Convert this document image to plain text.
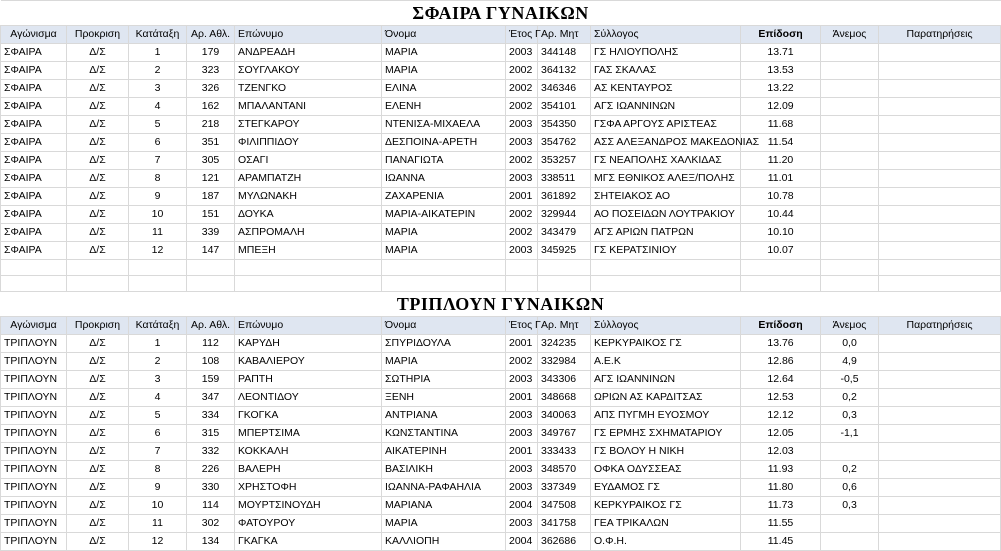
ΣΦΑΙΡΑ ΓΥΝΑΙΚΩΝ											
Αγώνισμα	Προκριση	Κατάταξη	Αρ. Αθλ.	Επώνυμο	Όνομα	Έτος Γ	Αρ. Μητ	Σύλλογος	Επίδοση	Άνεμος	Παρατηρήσεις
ΣΦΑΙΡΑ	Δ/Σ	1	179	ΑΝΔΡΕΑΔΗ	ΜΑΡΙΑ	2003	344148	ΓΣ ΗΛΙΟΥΠΟΛΗΣ	13.71		
ΣΦΑΙΡΑ	Δ/Σ	2	323	ΣΟΥΓΛΑΚΟΥ	ΜΑΡΙΑ	2002	364132	ΓΑΣ ΣΚΑΛΑΣ	13.53		
ΣΦΑΙΡΑ	Δ/Σ	3	326	ΤΖΕΝΓΚΟ	ΕΛΙΝΑ	2002	346346	ΑΣ ΚΕΝΤΑΥΡΟΣ	13.22		
ΣΦΑΙΡΑ	Δ/Σ	4	162	ΜΠΑΛΑΝΤΑΝΙ	ΕΛΕΝΗ	2002	354101	ΑΓΣ ΙΩΑΝΝΙΝΩΝ	12.09		
ΣΦΑΙΡΑ	Δ/Σ	5	218	ΣΤΕΓΚΑΡΟΥ	ΝΤΕΝΙΣΑ-ΜΙΧΑΕΛΑ	2003	354350	ΓΣΦΑ ΑΡΓΟΥΣ ΑΡΙΣΤΕΑΣ	11.68		
ΣΦΑΙΡΑ	Δ/Σ	6	351	ΦΙΛΙΠΠΙΔΟΥ	ΔΕΣΠΟΙΝΑ-ΑΡΕΤΗ	2003	354762	ΑΣΣ ΑΛΕΞΑΝΔΡΟΣ ΜΑΚΕΔΟΝΙΑΣ	11.54		
ΣΦΑΙΡΑ	Δ/Σ	7	305	ΟΣΑΓΙ	ΠΑΝΑΓΙΩΤΑ	2002	353257	ΓΣ ΝΕΑΠΟΛΗΣ ΧΑΛΚΙΔΑΣ	11.20		
ΣΦΑΙΡΑ	Δ/Σ	8	121	ΑΡΑΜΠΑΤΖΗ	ΙΩΑΝΝΑ	2003	338511	ΜΓΣ ΕΘΝΙΚΟΣ ΑΛΕΞ/ΠΟΛΗΣ	11.01		
ΣΦΑΙΡΑ	Δ/Σ	9	187	ΜΥΛΩΝΑΚΗ	ΖΑΧΑΡΕΝΙΑ	2001	361892	ΣΗΤΕΙΑΚΟΣ ΑΟ	10.78		
ΣΦΑΙΡΑ	Δ/Σ	10	151	ΔΟΥΚΑ	ΜΑΡΙΑ-ΑΙΚΑΤΕΡΙΝ	2002	329944	ΑΟ ΠΟΣΕΙΔΩΝ ΛΟΥΤΡΑΚΙΟΥ	10.44		
ΣΦΑΙΡΑ	Δ/Σ	11	339	ΑΣΠΡΟΜΑΛΗ	ΜΑΡΙΑ	2002	343479	ΑΓΣ ΑΡΙΩΝ ΠΑΤΡΩΝ	10.10		
ΣΦΑΙΡΑ	Δ/Σ	12	147	ΜΠΕΞΗ	ΜΑΡΙΑ	2003	345925	ΓΣ ΚΕΡΑΤΣΙΝΙΟΥ	10.07		

ΤΡΙΠΛΟΥΝ ΓΥΝΑΙΚΩΝ											
Αγώνισμα	Προκριση	Κατάταξη	Αρ. Αθλ.	Επώνυμο	Όνομα	Έτος Γ	Αρ. Μητ	Σύλλογος	Επίδοση	Άνεμος	Παρατηρήσεις
ΤΡΙΠΛΟΥΝ	Δ/Σ	1	112	ΚΑΡΥΔΗ	ΣΠΥΡΙΔΟΥΛΑ	2001	324235	ΚΕΡΚΥΡΑΙΚΟΣ ΓΣ	13.76	0,0	
ΤΡΙΠΛΟΥΝ	Δ/Σ	2	108	ΚΑΒΑΛΙΕΡΟΥ	ΜΑΡΙΑ	2002	332984	Α.Ε.Κ	12.86	4,9	
ΤΡΙΠΛΟΥΝ	Δ/Σ	3	159	ΡΑΠΤΗ	ΣΩΤΗΡΙΑ	2003	343306	ΑΓΣ ΙΩΑΝΝΙΝΩΝ	12.64	-0,5	
ΤΡΙΠΛΟΥΝ	Δ/Σ	4	347	ΛΕΟΝΤΙΔΟΥ	ΞΕΝΗ	2001	348668	ΩΡΙΩΝ ΑΣ ΚΑΡΔΙΤΣΑΣ	12.53	0,2	
ΤΡΙΠΛΟΥΝ	Δ/Σ	5	334	ΓΚΟΓΚΑ	ΑΝΤΡΙΑΝΑ	2003	340063	ΑΠΣ ΠΥΓΜΗ ΕΥΟΣΜΟΥ	12.12	0,3	
ΤΡΙΠΛΟΥΝ	Δ/Σ	6	315	ΜΠΕΡΤΣΙΜΑ	ΚΩΝΣΤΑΝΤΙΝΑ	2003	349767	ΓΣ ΕΡΜΗΣ ΣΧΗΜΑΤΑΡΙΟΥ	12.05	-1,1	
ΤΡΙΠΛΟΥΝ	Δ/Σ	7	332	ΚΟΚΚΑΛΗ	ΑΙΚΑΤΕΡΙΝΗ	2001	333433	ΓΣ ΒΟΛΟΥ Η ΝΙΚΗ	12.03		
ΤΡΙΠΛΟΥΝ	Δ/Σ	8	226	ΒΑΛΕΡΗ	ΒΑΣΙΛΙΚΗ	2003	348570	ΟΦΚΑ ΟΔΥΣΣΕΑΣ	11.93	0,2	
ΤΡΙΠΛΟΥΝ	Δ/Σ	9	330	ΧΡΗΣΤΟΦΗ	ΙΩΑΝΝΑ-ΡΑΦΑΗΛΙΑ	2003	337349	ΕΥΔΑΜΟΣ ΓΣ	11.80	0,6	
ΤΡΙΠΛΟΥΝ	Δ/Σ	10	114	ΜΟΥΡΤΣΙΝΟΥΔΗ	ΜΑΡΙΑΝΑ	2004	347508	ΚΕΡΚΥΡΑΙΚΟΣ ΓΣ	11.73	0,3	
ΤΡΙΠΛΟΥΝ	Δ/Σ	11	302	ΦΑΤΟΥΡΟΥ	ΜΑΡΙΑ	2003	341758	ΓΕΑ ΤΡΙΚΑΛΩΝ	11.55		
ΤΡΙΠΛΟΥΝ	Δ/Σ	12	134	ΓΚΑΓΚΑ	ΚΑΛΛΙΟΠΗ	2004	362686	Ο.Φ.Η.	11.45		
